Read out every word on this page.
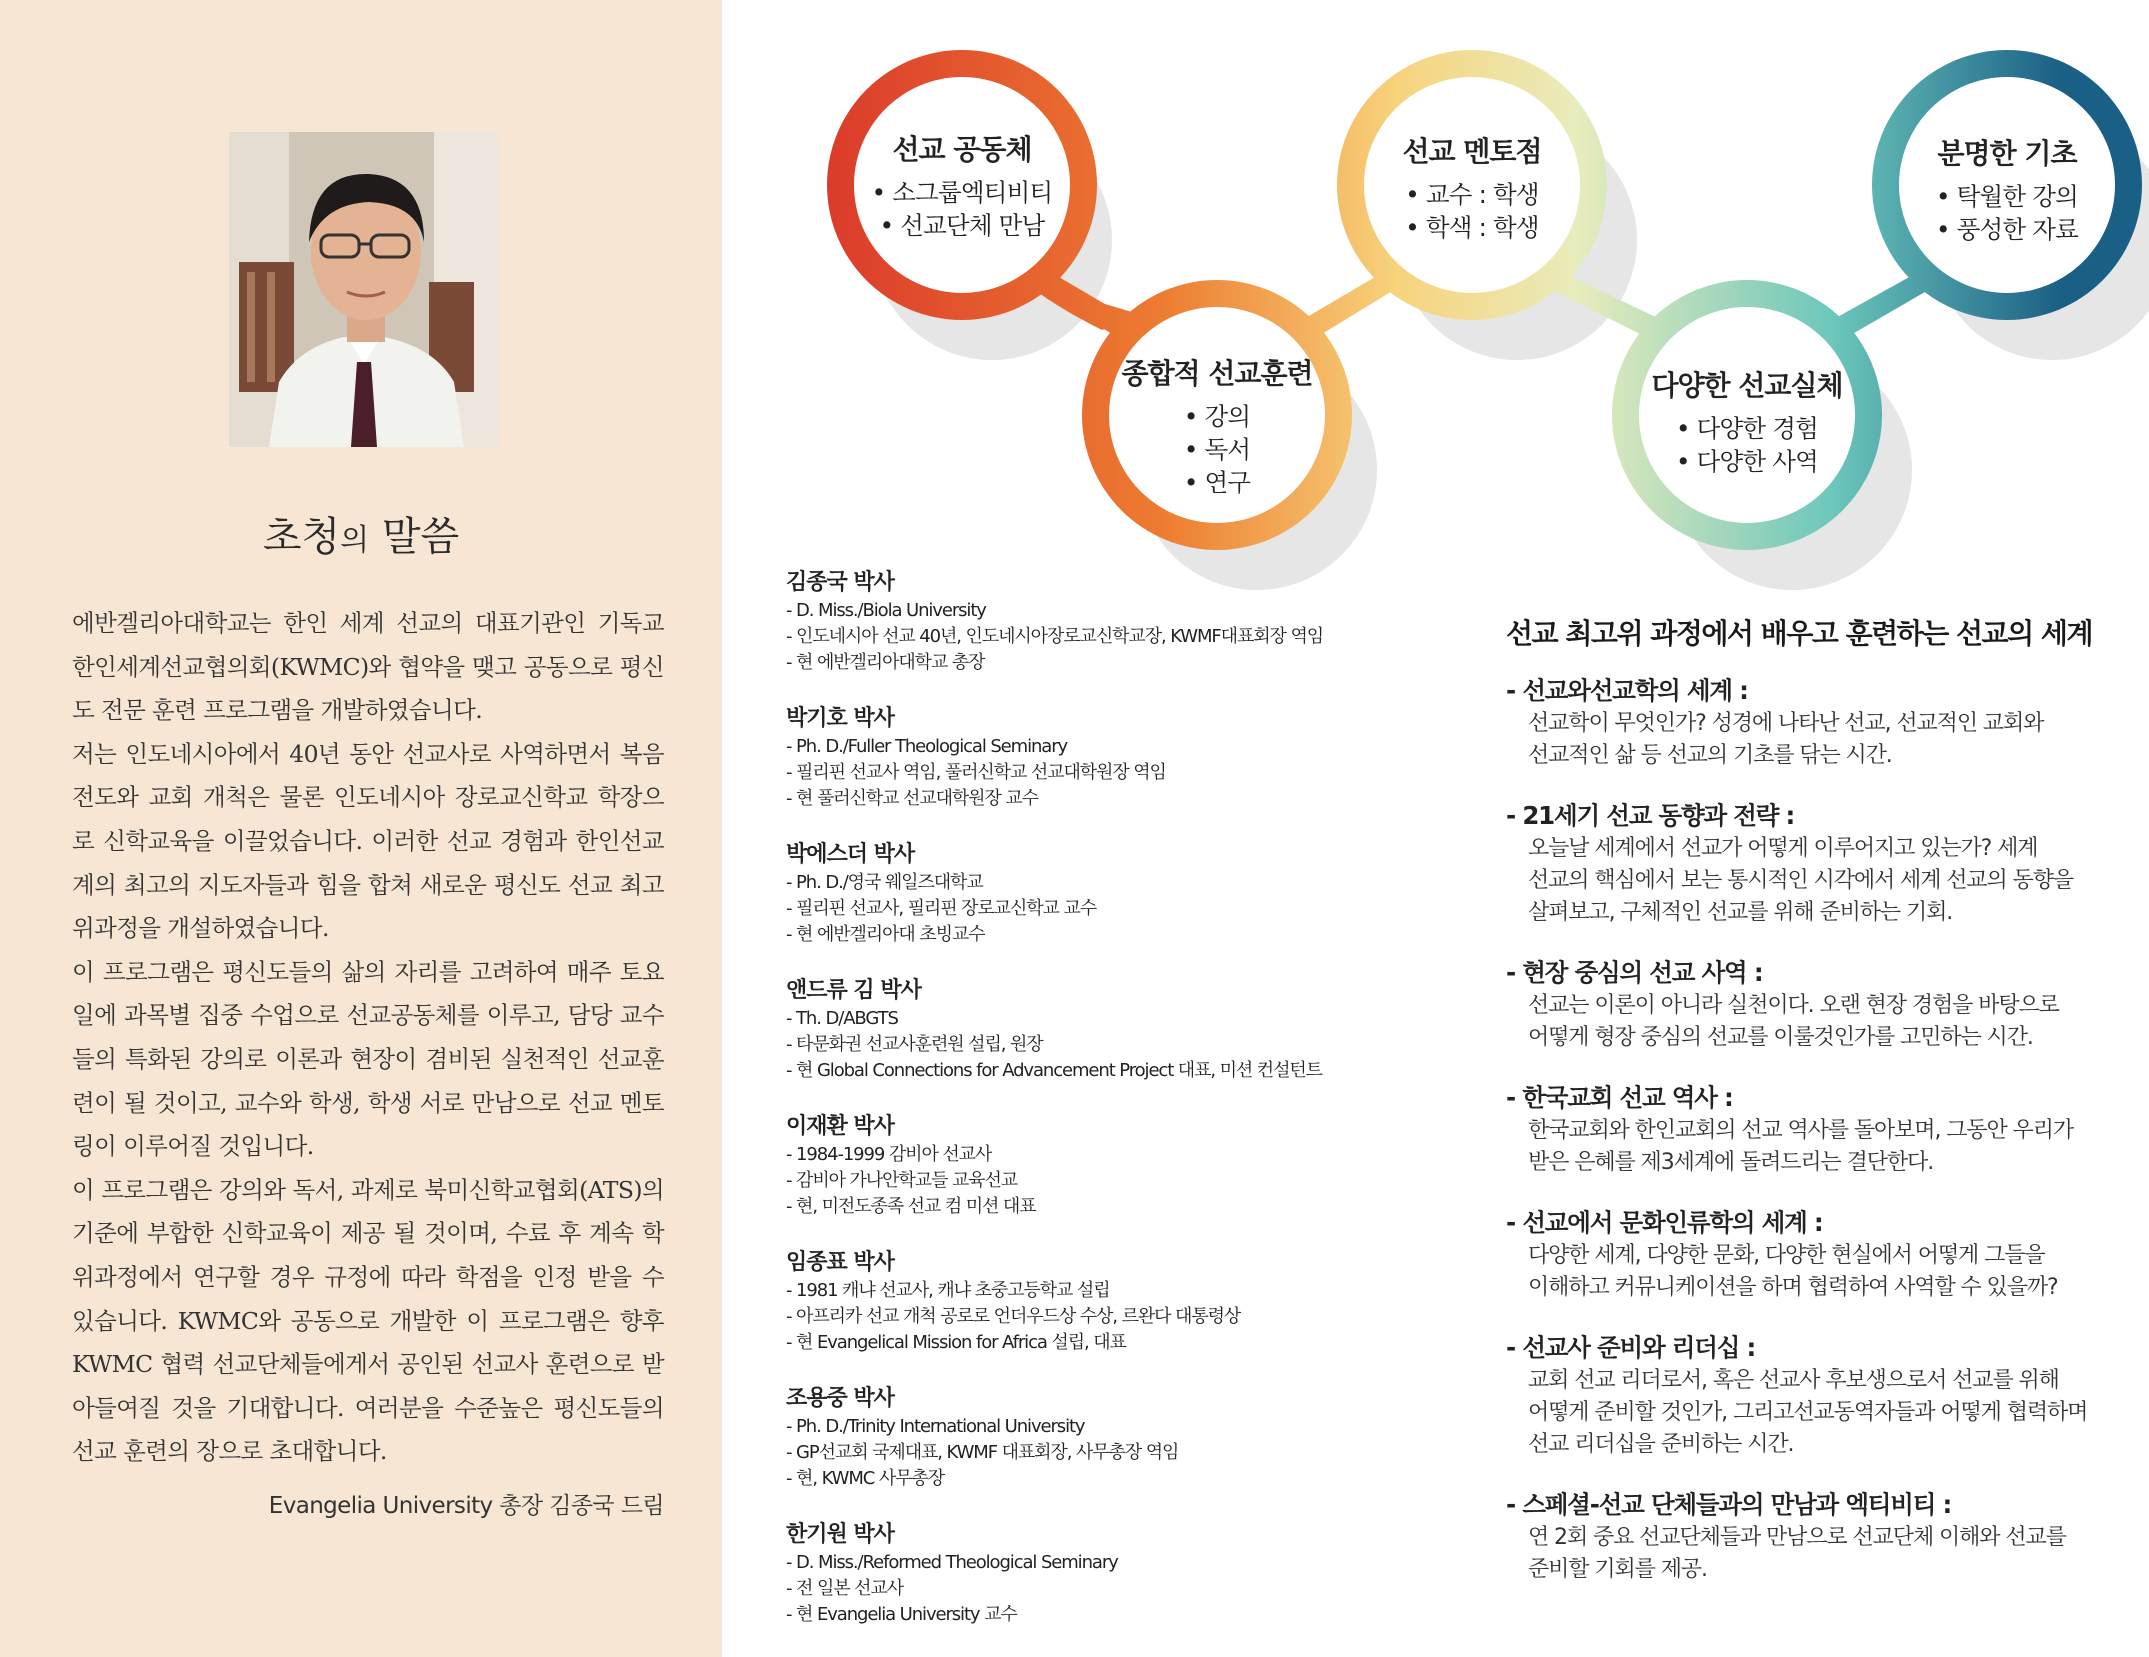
초청의 말씀

에반겔리아대학교는 한인 세계 선교의 대표기관인 기독교 한인세계선교협의회(KWMC)와 협약을 맺고 공동으로 평신도 전문 훈련 프로그램을 개발하였습니다.

저는 인도네시아에서 40년 동안 선교사로 사역하면서 복음전도와 교회 개척은 물론 인도네시아 장로교신학교 학장으로 신학교육을 이끌었습니다. 이러한 선교 경험과 한인선교계의 최고의 지도자들과 힘을 합쳐 새로운 평신도 선교 최고위과정을 개설하였습니다.

이 프로그램은 평신도들의 삶의 자리를 고려하여 매주 토요일에 과목별 집중 수업으로 선교공동체를 이루고, 담당 교수들의 특화된 강의로 이론과 현장이 겸비된 실천적인 선교훈련이 될 것이고, 교수와 학생, 학생 서로 만남으로 선교 멘토링이 이루어질 것입니다.

이 프로그램은 강의와 독서, 과제로 북미신학교협회(ATS)의 기준에 부합한 신학교육이 제공 될 것이며, 수료 후 계속 학위과정에서 연구할 경우 규정에 따라 학점을 인정 받을 수 있습니다. KWMC와 공동으로 개발한 이 프로그램은 향후 KWMC 협력 선교단체들에게서 공인된 선교사 훈련으로 받아들여질 것을 기대합니다. 여러분을 수준높은 평신도들의 선교 훈련의 장으로 초대합니다.

Evangelia University 총장 김종국 드림
선교 공동체
• 소그룹엑티비티
• 선교단체 만남
종합적 선교훈련
• 강의
• 독서
• 연구
선교 멘토점
• 교수 : 학생
• 학색 : 학생
다양한 선교실체
• 다양한 경험
• 다양한 사역
분명한 기초
• 탁월한 강의
• 풍성한 자료
김종국 박사
- D. Miss./Biola University
- 인도네시아 선교 40년, 인도네시아장로교신학교장, KWMF대표회장 역임
- 현 에반겔리아대학교 총장
박기호 박사
- Ph. D./Fuller Theological Seminary
- 필리핀 선교사 역임, 풀러신학교 선교대학원장 역임
- 현 풀러신학교 선교대학원장 교수
박에스더 박사
- Ph. D./영국 웨일즈대학교
- 필리핀 선교사, 필리핀 장로교신학교 교수
- 현 에반겔리아대 초빙교수
앤드류 김 박사
- Th. D/ABGTS
- 타문화권 선교사훈련원 설립, 원장
- 현 Global Connections for Advancement Project 대표, 미션 컨설턴트
이재환 박사
- 1984-1999 감비아 선교사
- 감비아 가나안학교들 교육선교
- 현, 미전도종족 선교 컴 미션 대표
임종표 박사
- 1981 캐냐 선교사, 캐냐 초중고등학교 설립
- 아프리카 선교 개척 공로로 언더우드상 수상, 르완다 대통령상
- 현 Evangelical Mission for Africa 설립, 대표
조용중 박사
- Ph. D./Trinity International University
- GP선교회 국제대표, KWMF 대표회장, 사무총장 역임
- 현, KWMC 사무총장
한기원 박사
- D. Miss./Reformed Theological Seminary
- 전 일본 선교사
- 현 Evangelia University 교수
선교 최고위 과정에서 배우고 훈련하는 선교의 세계
- 선교와선교학의 세계 :
선교학이 무엇인가? 성경에 나타난 선교, 선교적인 교회와
선교적인 삶 등 선교의 기초를 닦는 시간.
- 21세기 선교 동향과 전략 :
오늘날 세계에서 선교가 어떻게 이루어지고 있는가? 세계
선교의 핵심에서 보는 통시적인 시각에서 세계 선교의 동향을
살펴보고, 구체적인 선교를 위해 준비하는 기회.
- 현장 중심의 선교 사역 :
선교는 이론이 아니라 실천이다. 오랜 현장 경험을 바탕으로
어떻게 형장 중심의 선교를 이룰것인가를 고민하는 시간.
- 한국교회 선교 역사 :
한국교회와 한인교회의 선교 역사를 돌아보며, 그동안 우리가
받은 은혜를 제3세계에 돌려드리는 결단한다.
- 선교에서 문화인류학의 세계 :
다양한 세계, 다양한 문화, 다양한 현실에서 어떻게 그들을
이해하고 커뮤니케이션을 하며 협력하여 사역할 수 있을까?
- 선교사 준비와 리더십 :
교회 선교 리더로서, 혹은 선교사 후보생으로서 선교를 위해
어떻게 준비할 것인가, 그리고선교동역자들과 어떻게 협력하며
선교 리더십을 준비하는 시간.
- 스페셜-선교 단체들과의 만남과 엑티비티 :
연 2회 중요 선교단체들과 만남으로 선교단체 이해와 선교를
준비할 기회를 제공.
